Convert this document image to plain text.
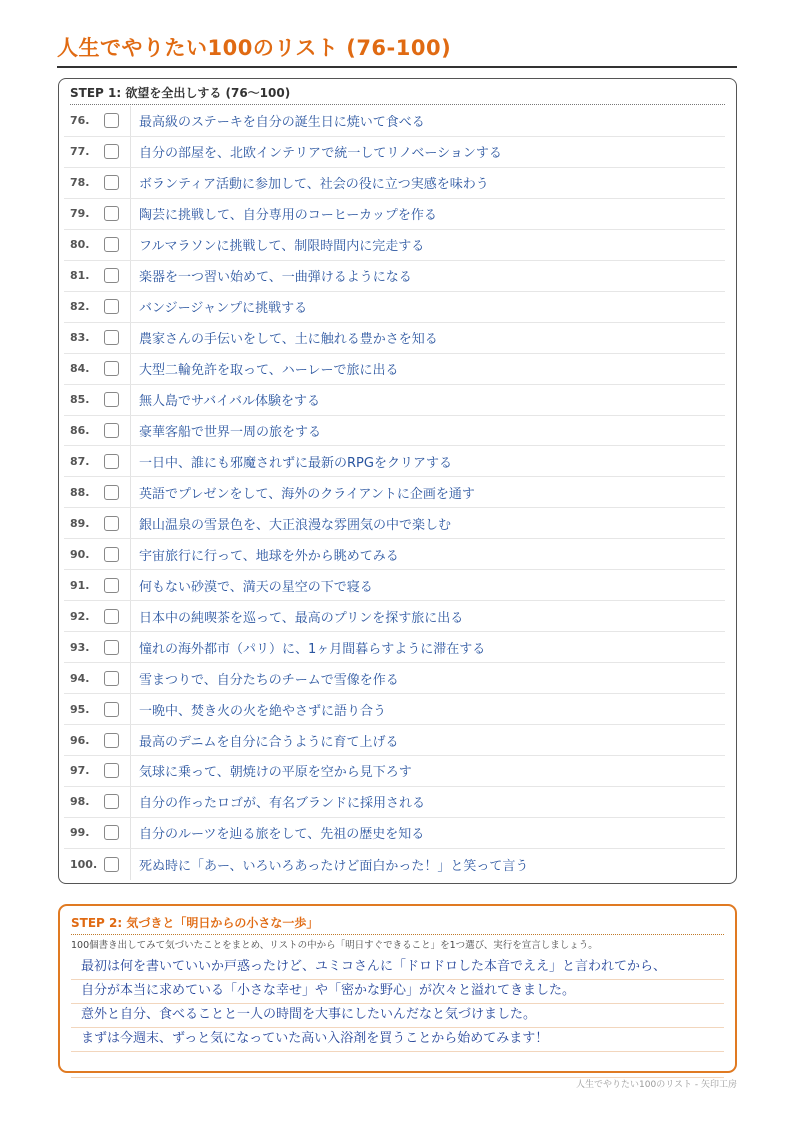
人生でやりたい100のリスト (76-100)
STEP 1: 欲望を全出しする (76〜100)
76.	最高級のステーキを自分の誕生日に焼いて食べる
77.	自分の部屋を、北欧インテリアで統一してリノベーションする
78.	ボランティア活動に参加して、社会の役に立つ実感を味わう
79.	陶芸に挑戦して、自分専用のコーヒーカップを作る
80.	フルマラソンに挑戦して、制限時間内に完走する
81.	楽器を一つ習い始めて、一曲弾けるようになる
82.	バンジージャンプに挑戦する
83.	農家さんの手伝いをして、土に触れる豊かさを知る
84.	大型二輪免許を取って、ハーレーで旅に出る
85.	無人島でサバイバル体験をする
86.	豪華客船で世界一周の旅をする
87.	一日中、誰にも邪魔されずに最新のRPGをクリアする
88.	英語でプレゼンをして、海外のクライアントに企画を通す
89.	銀山温泉の雪景色を、大正浪漫な雰囲気の中で楽しむ
90.	宇宙旅行に行って、地球を外から眺めてみる
91.	何もない砂漠で、満天の星空の下で寝る
92.	日本中の純喫茶を巡って、最高のプリンを探す旅に出る
93.	憧れの海外都市（パリ）に、1ヶ月間暮らすように滞在する
94.	雪まつりで、自分たちのチームで雪像を作る
95.	一晩中、焚き火の火を絶やさずに語り合う
96.	最高のデニムを自分に合うように育て上げる
97.	気球に乗って、朝焼けの平原を空から見下ろす
98.	自分の作ったロゴが、有名ブランドに採用される
99.	自分のルーツを辿る旅をして、先祖の歴史を知る
100.	死ぬ時に「あー、いろいろあったけど面白かった！」と笑って言う
STEP 2: 気づきと「明日からの小さな一歩」
100個書き出してみて気づいたことをまとめ、リストの中から「明日すぐできること」を1つ選び、実行を宣言しましょう。
最初は何を書いていいか戸惑ったけど、ユミコさんに「ドロドロした本音でええ」と言われてから、
自分が本当に求めている「小さな幸せ」や「密かな野心」が次々と溢れてきました。
意外と自分、食べることと一人の時間を大事にしたいんだなと気づけました。
まずは今週末、ずっと気になっていた高い入浴剤を買うことから始めてみます！
人生でやりたい100のリスト - 矢印工房
